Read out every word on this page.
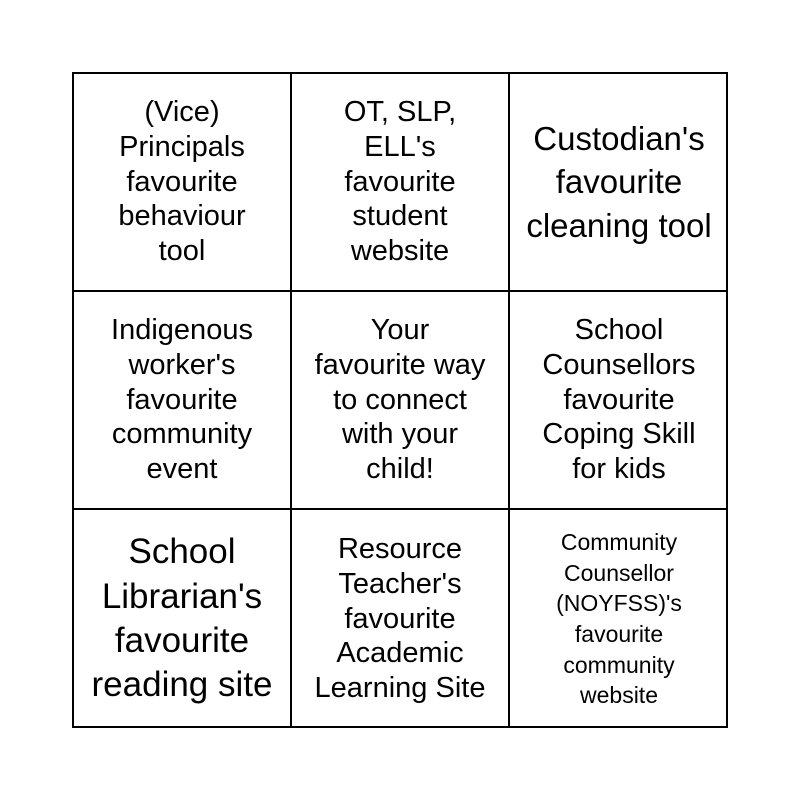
(Vice) Principals favourite behaviour tool
OT, SLP, ELL's favourite student website
Custodian's favourite cleaning tool
Indigenous worker's favourite community event
Your favourite way to connect with your child!
School Counsellors favourite Coping Skill for kids
School Librarian's favourite reading site
Resource Teacher's favourite Academic Learning Site
Community Counsellor (NOYFSS)'s favourite community website
